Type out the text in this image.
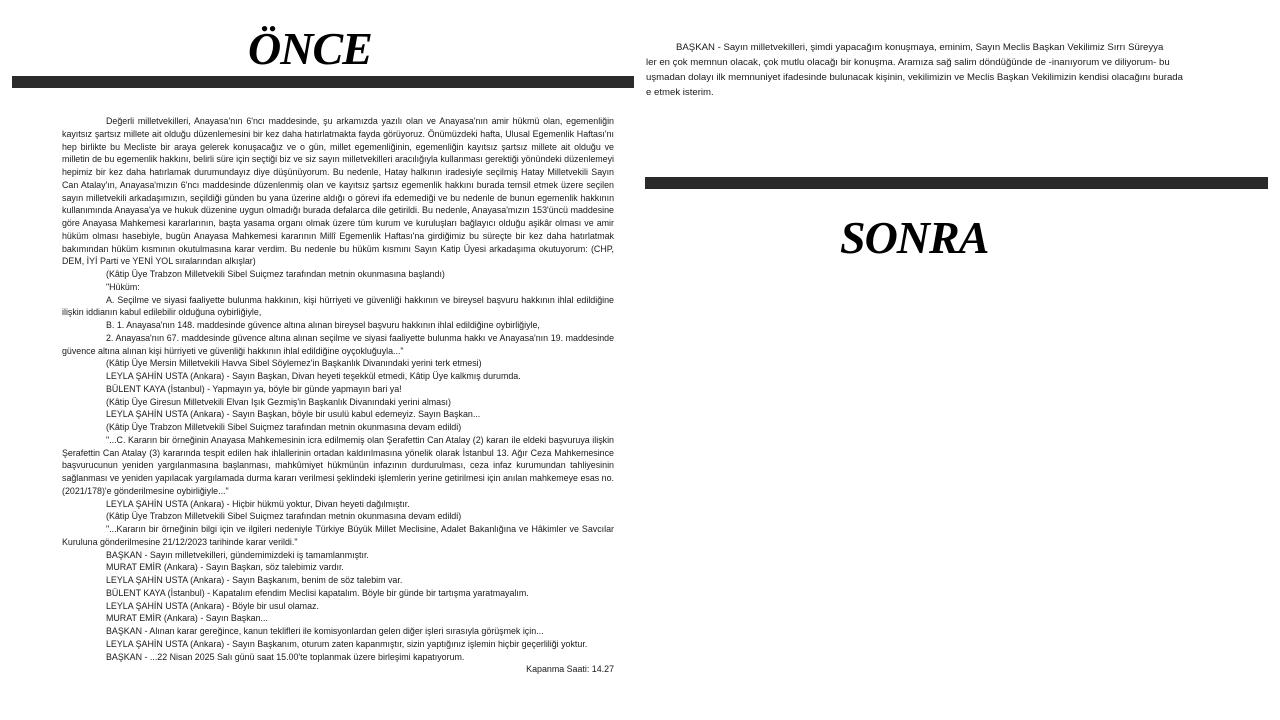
ÖNCE

Değerli milletvekilleri, Anayasa'nın 6'ncı maddesinde, şu arkamızda yazılı olan ve Anayasa'nın amir hükmü olan, egemenliğin kayıtsız şartsız millete ait olduğu düzenlemesini bir kez daha hatırlatmakta fayda görüyoruz. Önümüzdeki hafta, Ulusal Egemenlik Haftası'nı hep birlikte bu Mecliste bir araya gelerek konuşacağız ve o gün, millet egemenliğinin, egemenliğin kayıtsız şartsız millete ait olduğu ve milletin de bu egemenlik hakkını, belirli süre için seçtiği biz ve siz sayın milletvekilleri aracılığıyla kullanması gerektiği yönündeki düzenlemeyi hepimiz bir kez daha hatırlamak durumundayız diye düşünüyorum. Bu nedenle, Hatay halkının iradesiyle seçilmiş Hatay Milletvekili Sayın Can Atalay'ın, Anayasa'mızın 6'ncı maddesinde düzenlenmiş olan ve kayıtsız şartsız egemenlik hakkını burada temsil etmek üzere seçilen sayın milletvekili arkadaşımızın, seçildiği günden bu yana üzerine aldığı o görevi ifa edemediği ve bu nedenle de bunun egemenlik hakkının kullanımında Anayasa'ya ve hukuk düzenine uygun olmadığı burada defalarca dile getirildi. Bu nedenle, Anayasa'mızın 153'üncü maddesine göre Anayasa Mahkemesi kararlarının, başta yasama organı olmak üzere tüm kurum ve kuruluşları bağlayıcı olduğu aşikâr olması ve amir hüküm olması hasebiyle, bugün Anayasa Mahkemesi kararının Millî Egemenlik Haftası'na girdiğimiz bu süreçte bir kez daha hatırlatmak bakımından hüküm kısmının okutulmasına karar verdim. Bu nedenle bu hüküm kısmını Sayın Katip Üyesi arkadaşıma okutuyorum: (CHP, DEM, İYİ Parti ve YENİ YOL sıralarından alkışlar)

(Kâtip Üye Trabzon Milletvekili Sibel Suiçmez tarafından metnin okunmasına başlandı)

"Hüküm:

A. Seçilme ve siyasi faaliyette bulunma hakkının, kişi hürriyeti ve güvenliği hakkının ve bireysel başvuru hakkının ihlal edildiğine ilişkin iddianın kabul edilebilir olduğuna oybirliğiyle,

B. 1. Anayasa'nın 148. maddesinde güvence altına alınan bireysel başvuru hakkının ihlal edildiğine oybirliğiyle,

2. Anayasa'nın 67. maddesinde güvence altına alınan seçilme ve siyasi faaliyette bulunma hakkı ve Anayasa'nın 19. maddesinde güvence altına alınan kişi hürriyeti ve güvenliği hakkının ihlal edildiğine oyçokluğuyla..."

(Kâtip Üye Mersin Milletvekili Havva Sibel Söylemez'in Başkanlık Divanındaki yerini terk etmesi)

LEYLA ŞAHİN USTA (Ankara) - Sayın Başkan, Divan heyeti teşekkül etmedi, Kâtip Üye kalkmış durumda.

BÜLENT KAYA (İstanbul) - Yapmayın ya, böyle bir günde yapmayın bari ya!

(Kâtip Üye Giresun Milletvekili Elvan Işık Gezmiş'in Başkanlık Divanındaki yerini alması)

LEYLA ŞAHİN USTA (Ankara) - Sayın Başkan, böyle bir usulü kabul edemeyiz. Sayın Başkan...

(Kâtip Üye Trabzon Milletvekili Sibel Suiçmez tarafından metnin okunmasına devam edildi)

"...C. Kararın bir örneğinin Anayasa Mahkemesinin icra edilmemiş olan Şerafettin Can Atalay (2) kararı ile eldeki başvuruya ilişkin Şerafettin Can Atalay (3) kararında tespit edilen hak ihlallerinin ortadan kaldırılmasına yönelik olarak İstanbul 13. Ağır Ceza Mahkemesince başvurucunun yeniden yargılanmasına başlanması, mahkûmiyet hükmünün infazının durdurulması, ceza infaz kurumundan tahliyesinin sağlanması ve yeniden yapılacak yargılamada durma kararı verilmesi şeklindeki işlemlerin yerine getirilmesi için anılan mahkemeye esas no. (2021/178)'e gönderilmesine oybirliğiyle..."

LEYLA ŞAHİN USTA (Ankara) - Hiçbir hükmü yoktur, Divan heyeti dağılmıştır.

(Kâtip Üye Trabzon Milletvekili Sibel Suiçmez tarafından metnin okunmasına devam edildi)

"...Kararın bir örneğinin bilgi için ve ilgileri nedeniyle Türkiye Büyük Millet Meclisine, Adalet Bakanlığına ve Hâkimler ve Savcılar Kuruluna gönderilmesine 21/12/2023 tarihinde karar verildi."

BAŞKAN - Sayın milletvekilleri, gündemimizdeki iş tamamlanmıştır.

MURAT EMİR (Ankara) - Sayın Başkan, söz talebimiz vardır.

LEYLA ŞAHİN USTA (Ankara) - Sayın Başkanım, benim de söz talebim var.

BÜLENT KAYA (İstanbul) - Kapatalım efendim Meclisi kapatalım. Böyle bir günde bir tartışma yaratmayalım.

LEYLA ŞAHİN USTA (Ankara) - Böyle bir usul olamaz.

MURAT EMİR (Ankara) - Sayın Başkan...

BAŞKAN - Alınan karar gereğince, kanun teklifleri ile komisyonlardan gelen diğer işleri sırasıyla görüşmek için...

LEYLA ŞAHİN USTA (Ankara) - Sayın Başkanım, oturum zaten kapanmıştır, sizin yaptığınız işlemin hiçbir geçerliliği yoktur.

BAŞKAN - ...22 Nisan 2025 Salı günü saat 15.00'te toplanmak üzere birleşimi kapatıyorum.

Kapanma Saati: 14.27

BAŞKAN - Sayın milletvekilleri, şimdi yapacağım konuşmaya, eminim, Sayın Meclis Başkan Vekilimiz Sırrı Süreyya

ler en çok memnun olacak, çok mutlu olacağı bir konuşma. Aramıza sağ salim döndüğünde de -inanıyorum ve diliyorum- bu

uşmadan dolayı ilk memnuniyet ifadesinde bulunacak kişinin, vekilimizin ve Meclis Başkan Vekilimizin kendisi olacağını burada

e etmek isterim.

SONRA
